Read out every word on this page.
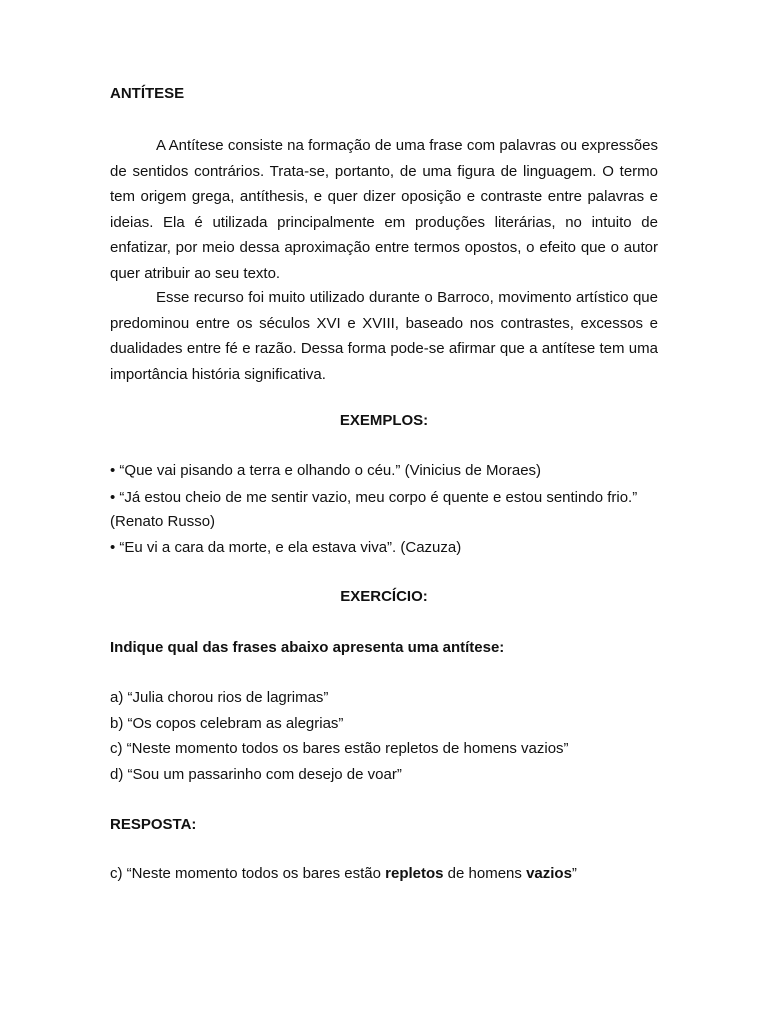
ANTÍTESE

A Antítese consiste na formação de uma frase com palavras ou expressões de sentidos contrários. Trata-se, portanto, de uma figura de linguagem. O termo tem origem grega, antíthesis, e quer dizer oposição e contraste entre palavras e ideias. Ela é utilizada principalmente em produções literárias, no intuito de enfatizar, por meio dessa aproximação entre termos opostos, o efeito que o autor quer atribuir ao seu texto.

Esse recurso foi muito utilizado durante o Barroco, movimento artístico que predominou entre os séculos XVI e XVIII, baseado nos contrastes, excessos e dualidades entre fé e razão. Dessa forma pode-se afirmar que a antítese tem uma importância história significativa.

EXEMPLOS:
• “Que vai pisando a terra e olhando o céu.” (Vinicius de Moraes)
• “Já estou cheio de me sentir vazio, meu corpo é quente e estou sentindo frio.”
(Renato Russo)
• “Eu vi a cara da morte, e ela estava viva”. (Cazuza)
EXERCÍCIO:
Indique qual das frases abaixo apresenta uma antítese:
a) “Julia chorou rios de lagrimas”
b) “Os copos celebram as alegrias”
c) “Neste momento todos os bares estão repletos de homens vazios”
d) “Sou um passarinho com desejo de voar”
RESPOSTA:
c) “Neste momento todos os bares estão repletos de homens vazios”
